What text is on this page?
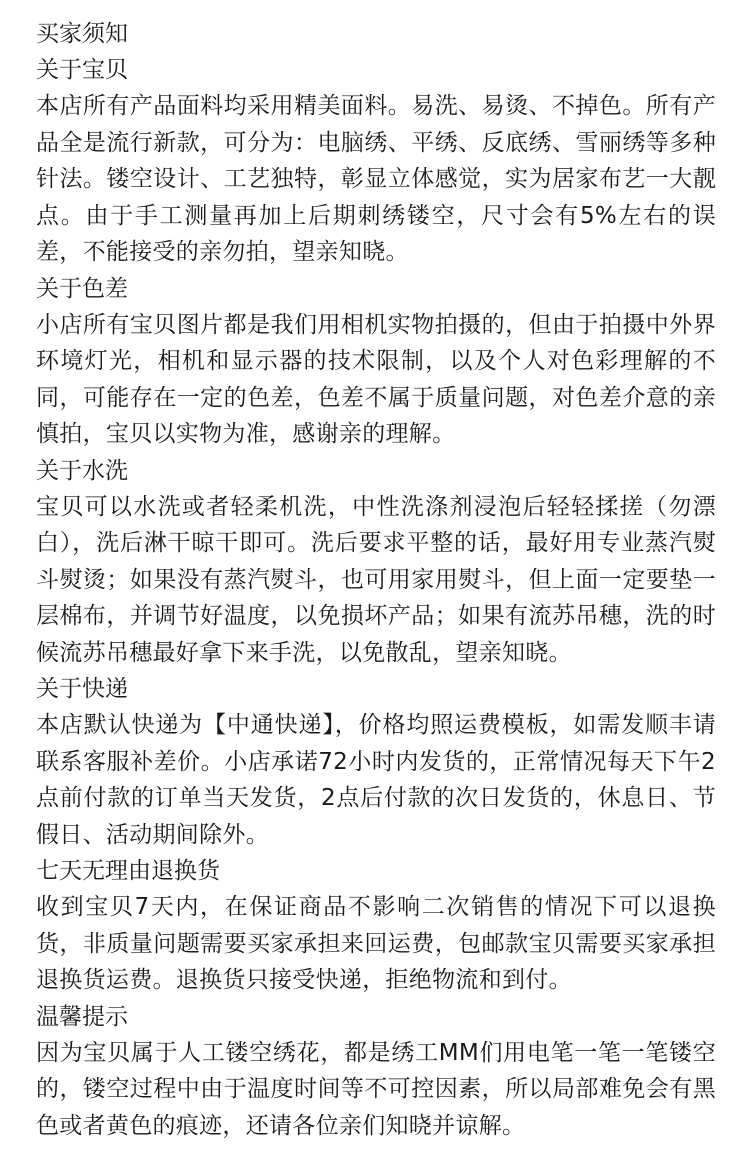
买家须知
关于宝贝

本店所有产品面料均采用精美面料。易洗、易烫、不掉色。所有产品全是流行新款，可分为：电脑绣、平绣、反底绣、雪丽绣等多种针法。镂空设计、工艺独特，彰显立体感觉，实为居家布艺一大靓点。由于手工测量再加上后期刺绣镂空，尺寸会有5%左右的误差，不能接受的亲勿拍，望亲知晓。

关于色差

小店所有宝贝图片都是我们用相机实物拍摄的，但由于拍摄中外界环境灯光，相机和显示器的技术限制，以及个人对色彩理解的不同，可能存在一定的色差，色差不属于质量问题，对色差介意的亲慎拍，宝贝以实物为准，感谢亲的理解。

关于水洗

宝贝可以水洗或者轻柔机洗，中性洗涤剂浸泡后轻轻揉搓（勿漂白），洗后淋干晾干即可。洗后要求平整的话，最好用专业蒸汽熨斗熨烫；如果没有蒸汽熨斗，也可用家用熨斗，但上面一定要垫一层棉布，并调节好温度，以免损坏产品；如果有流苏吊穗，洗的时候流苏吊穗最好拿下来手洗，以免散乱，望亲知晓。

关于快递

本店默认快递为【中通快递】，价格均照运费模板，如需发顺丰请联系客服补差价。小店承诺72小时内发货的，正常情况每天下午2点前付款的订单当天发货，2点后付款的次日发货的，休息日、节假日、活动期间除外。

七天无理由退换货

收到宝贝7天内，在保证商品不影响二次销售的情况下可以退换货，非质量问题需要买家承担来回运费，包邮款宝贝需要买家承担退换货运费。退换货只接受快递，拒绝物流和到付。

温馨提示

因为宝贝属于人工镂空绣花，都是绣工MM们用电笔一笔一笔镂空的，镂空过程中由于温度时间等不可控因素，所以局部难免会有黑色或者黄色的痕迹，还请各位亲们知晓并谅解。
